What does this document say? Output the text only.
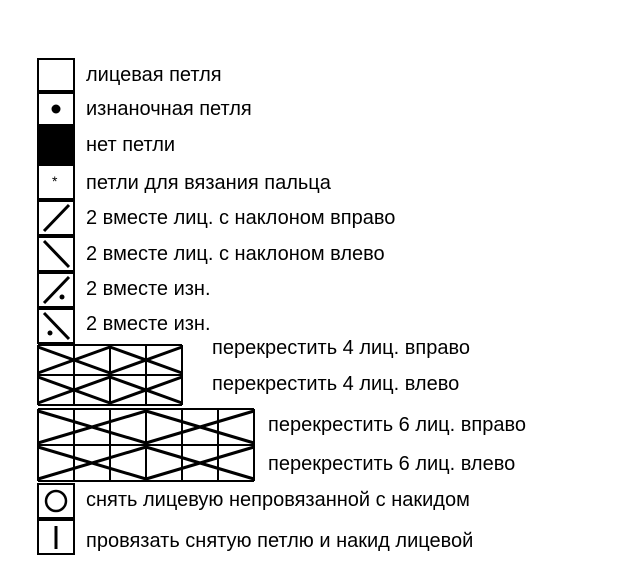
*
лицевая петля
изнаночная петля
нет петли
петли для вязания пальца
2 вместе лиц. с наклоном вправо
2 вместе лиц. с наклоном влево
2 вместе изн.
2 вместе изн.
перекрестить 4 лиц. вправо
перекрестить 4 лиц. влево
перекрестить 6 лиц. вправо
перекрестить 6 лиц. влево
снять лицевую непровязанной с накидом
провязать снятую петлю и накид лицевой
